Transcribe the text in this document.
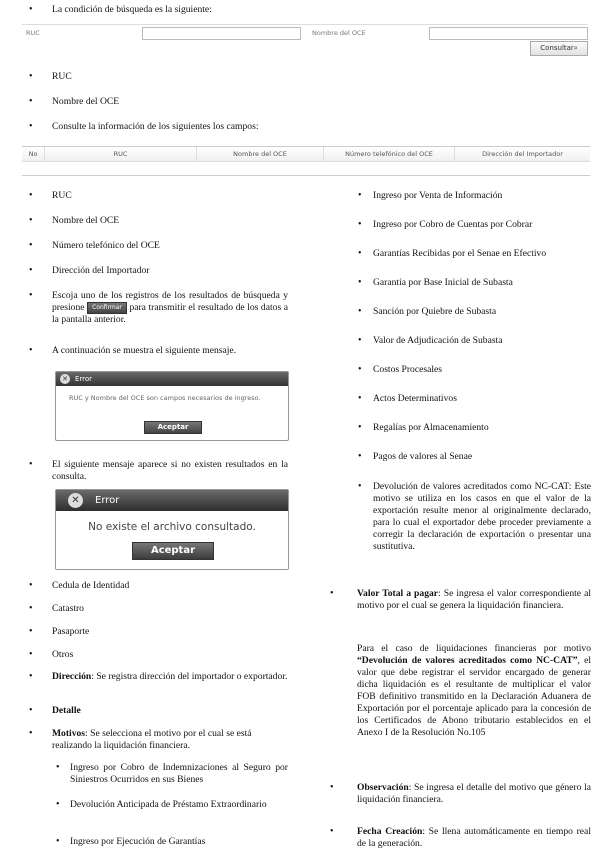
• La condición de búsqueda es la siguiente:
RUC	Nombre del OCE
Consultar⌕
• RUC
• Nombre del OCE
• Consulte la información de los siguientes los campos:
No	RUC	Nombre del OCE	Número telefónico del OCE	Dirección del Importador
• RUC
• Nombre del OCE
• Número telefónico del OCE
• Dirección del Importador
• Escoja uno de los registros de los resultados de búsqueda y presione Confirmar para transmitir el resultado de los datos a la pantalla anterior.
• A continuación se muestra el siguiente mensaje.
✕ Error
RUC y Nombre del OCE son campos necesarios de ingreso.
Aceptar
• El siguiente mensaje aparece si no existen resultados en la consulta.
✕	Error
No existe el archivo consultado.
Aceptar
• Cedula de Identidad
• Catastro
• Pasaporte
• Otros
• Dirección: Se registra dirección del importador o exportador.
• Detalle
• Motivos: Se selecciona el motivo por el cual se está realizando la liquidación financiera.
• Ingreso por Cobro de Indemnizaciones al Seguro por Siniestros Ocurridos en sus Bienes
• Devolución Anticipada de Préstamo Extraordinario
• Ingreso por Ejecución de Garantías
• Ingreso por Venta de Información
• Ingreso por Cobro de Cuentas por Cobrar
• Garantías Recibidas por el Senae en Efectivo
• Garantía por Base Inicial de Subasta
• Sanción por Quiebre de Subasta
• Valor de Adjudicación de Subasta
• Costos Procesales
• Actos Determinativos
• Regalías por Almacenamiento
• Pagos de valores al Senae
• Devolución de valores acreditados como NC-CAT: Este motivo se utiliza en los casos en que el valor de la exportación resulte menor al originalmente declarado, para lo cual el exportador debe proceder previamente a corregir la declaración de exportación o presentar una sustitutiva.
• Valor Total a pagar: Se ingresa el valor correspondiente al motivo por el cual se genera la liquidación financiera.
Para el caso de liquidaciones financieras por motivo “Devolución de valores acreditados como NC-CAT”, el valor que debe registrar el servidor encargado de generar dicha liquidación es el resultante de multiplicar el valor FOB definitivo transmitido en la Declaración Aduanera de Exportación por el porcentaje aplicado para la concesión de los Certificados de Abono tributario establecidos en el Anexo I de la Resolución No.105
• Observación: Se ingresa el detalle del motivo que género la liquidación financiera.
• Fecha Creación: Se llena automáticamente en tiempo real de la generación.
